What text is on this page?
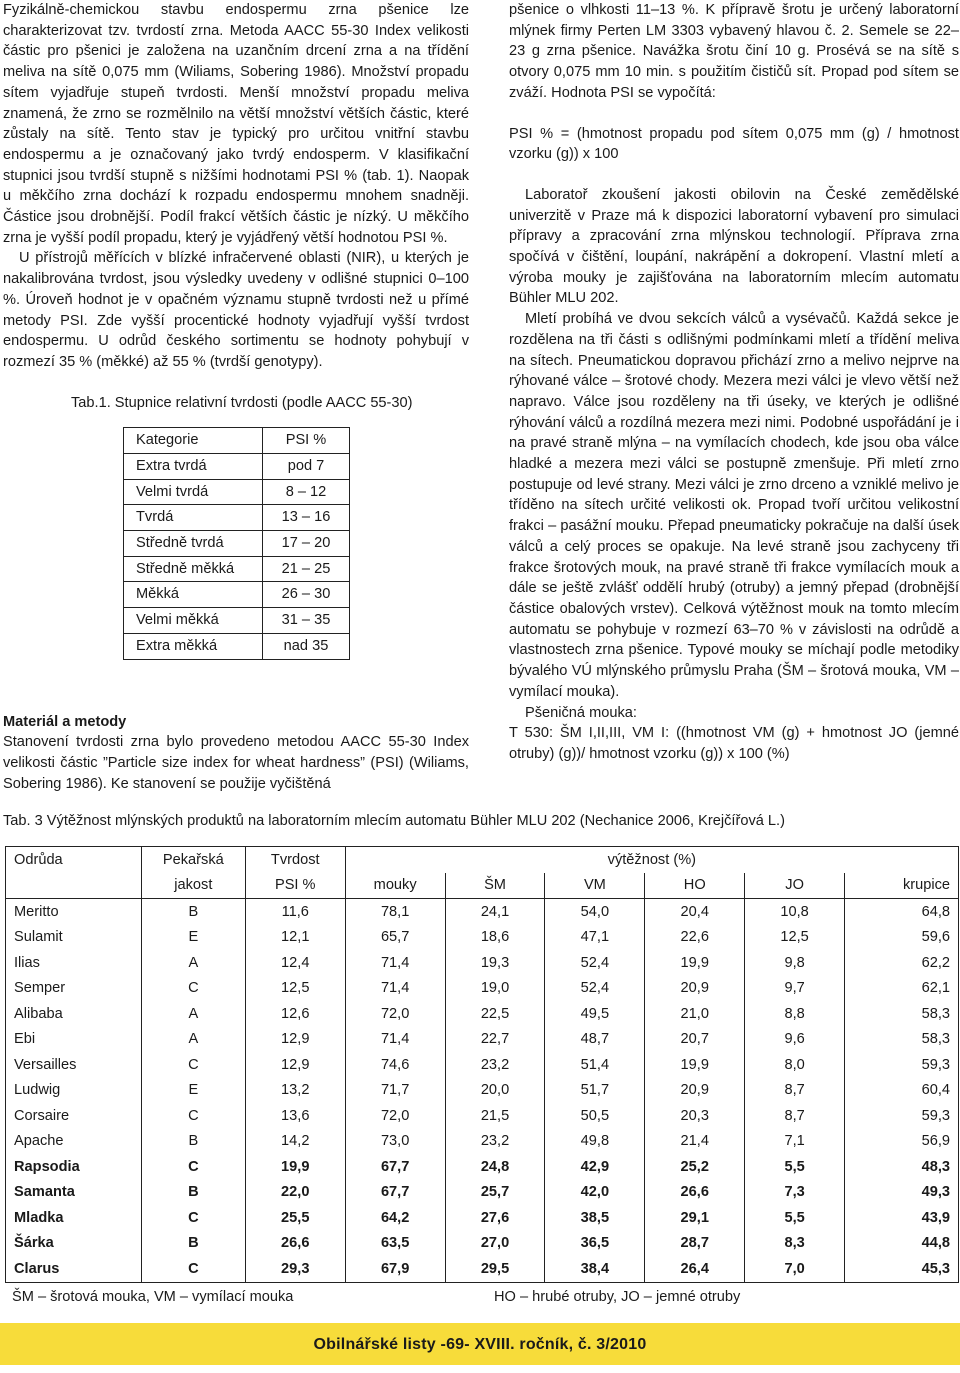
Fyzikálně-chemickou stavbu endospermu zrna pšenice lze charakterizovat tzv. tvrdostí zrna. Metoda AACC 55-30 Index velikosti částic pro pšenici je založena na uzančním drcení zrna a na třídění meliva na sítě 0,075 mm (Wiliams, Sobering 1986). Množství propadu sítem vyjadřuje stupeň tvrdosti. Menší množství propadu meliva znamená, že zrno se rozmělnilo na větší množství větších částic, které zůstaly na sítě. Tento stav je typický pro určitou vnitřní stavbu endospermu a je označovaný jako tvrdý endosperm. V klasifikační stupnici jsou tvrdší stupně s nižšími hodnotami PSI % (tab. 1). Naopak u měkčího zrna dochází k rozpadu endospermu mnohem snadněji. Částice jsou drobnější. Podíl frakcí větších částic je nízký. U měkčího zrna je vyšší podíl propadu, který je vyjádřený větší hodnotou PSI %.

U přístrojů měřících v blízké infračervené oblasti (NIR), u kterých je nakalibrována tvrdost, jsou výsledky uvedeny v odlišné stupnici 0–100 %. Úroveň hodnot je v opačném významu stupně tvrdosti než u přímé metody PSI. Zde vyšší procentické hodnoty vyjadřují vyšší tvrdost endospermu. U odrůd českého sortimentu se hodnoty pohybují v rozmezí 35 % (měkké) až 55 % (tvrdší genotypy).

Tab.1. Stupnice relativní tvrdosti (podle AACC 55-30)
Kategorie	PSI %
Extra tvrdá	pod 7
Velmi tvrdá	8 – 12
Tvrdá	13 – 16
Středně tvrdá	17 – 20
Středně měkká	21 – 25
Měkká	26 – 30
Velmi měkká	31 – 35
Extra měkká	nad 35
Materiál a metody

Stanovení tvrdosti zrna bylo provedeno metodou AACC 55-30 Index velikosti částic ”Particle size index for wheat hardness” (PSI) (Wiliams, Sobering 1986). Ke stanovení se použije vyčištěná

pšenice o vlhkosti 11–13 %. K přípravě šrotu je určený laboratorní mlýnek firmy Perten LM 3303 vybavený hlavou č. 2. Semele se 22–23 g zrna pšenice. Navážka šrotu činí 10 g. Prosévá se na sítě s otvory 0,075 mm 10 min. s použitím čističů sít. Propad pod sítem se zváží. Hodnota PSI se vypočítá:

PSI % = (hmotnost propadu pod sítem 0,075 mm (g) / hmotnost vzorku (g)) x 100

Laboratoř zkoušení jakosti obilovin na České zemědělské univerzitě v Praze má k dispozici laboratorní vybavení pro simulaci přípravy a zpracování zrna mlýnskou technologií. Příprava zrna spočívá v čištění, loupání, nakrápění a dokropení. Vlastní mletí a výroba mouky je zajišťována na laboratorním mlecím automatu Bühler MLU 202.

Mletí probíhá ve dvou sekcích válců a vysévačů. Každá sekce je rozdělena na tři části s odlišnými podmínkami mletí a třídění meliva na sítech. Pneumatickou dopravou přichází zrno a melivo nejprve na rýhované válce – šrotové chody. Mezera mezi válci je vlevo větší než napravo. Válce jsou rozděleny na tři úseky, ve kterých je odlišné rýhování válců a rozdílná mezera mezi nimi. Podobné uspořádání je i na pravé straně mlýna – na vymílacích chodech, kde jsou oba válce hladké a mezera mezi válci se postupně zmenšuje. Při mletí zrno postupuje od levé strany. Mezi válci je zrno drceno a vzniklé melivo je tříděno na sítech určité velikosti ok. Propad tvoří určitou velikostní frakci – pasážní mouku. Přepad pneumaticky pokračuje na další úsek válců a celý proces se opakuje. Na levé straně jsou zachyceny tři frakce šrotových mouk, na pravé straně tři frakce vymílacích mouk a dále se ještě zvlášť oddělí hrubý (otruby) a jemný přepad (drobnější částice obalových vrstev). Celková výtěžnost mouk na tomto mlecím automatu se pohybuje v rozmezí 63–70 % v závislosti na odrůdě a vlastnostech zrna pšenice. Typové mouky se míchají podle metodiky bývalého VÚ mlýnského průmyslu Praha (ŠM – šrotová mouka, VM – vymílací mouka).

Pšeničná mouka:

T 530: ŠM I,II,III, VM I: ((hmotnost VM (g) + hmotnost JO (jemné otruby) (g))/ hmotnost vzorku (g)) x 100 (%)

Tab. 3 Výtěžnost mlýnských produktů na laboratorním mlecím automatu Bühler MLU 202 (Nechanice 2006, Krejčířová L.)
Odrůda	Pekařská	Tvrdost	výtěžnost (%)					
	jakost	PSI %	mouky	ŠM	VM	HO	JO	krupice
Meritto	B	11,6	78,1	24,1	54,0	20,4	10,8	64,8
Sulamit	E	12,1	65,7	18,6	47,1	22,6	12,5	59,6
Ilias	A	12,4	71,4	19,3	52,4	19,9	9,8	62,2
Semper	C	12,5	71,4	19,0	52,4	20,9	9,7	62,1
Alibaba	A	12,6	72,0	22,5	49,5	21,0	8,8	58,3
Ebi	A	12,9	71,4	22,7	48,7	20,7	9,6	58,3
Versailles	C	12,9	74,6	23,2	51,4	19,9	8,0	59,3
Ludwig	E	13,2	71,7	20,0	51,7	20,9	8,7	60,4
Corsaire	C	13,6	72,0	21,5	50,5	20,3	8,7	59,3
Apache	B	14,2	73,0	23,2	49,8	21,4	7,1	56,9
Rapsodia	C	19,9	67,7	24,8	42,9	25,2	5,5	48,3
Samanta	B	22,0	67,7	25,7	42,0	26,6	7,3	49,3
Mladka	C	25,5	64,2	27,6	38,5	29,1	5,5	43,9
Šárka	B	26,6	63,5	27,0	36,5	28,7	8,3	44,8
Clarus	C	29,3	67,9	29,5	38,4	26,4	7,0	45,3
ŠM – šrotová mouka, VM – vymílací mouka	HO – hrubé otruby, JO – jemné otruby
Obilnářské listy -69- XVIII. ročník, č. 3/2010
